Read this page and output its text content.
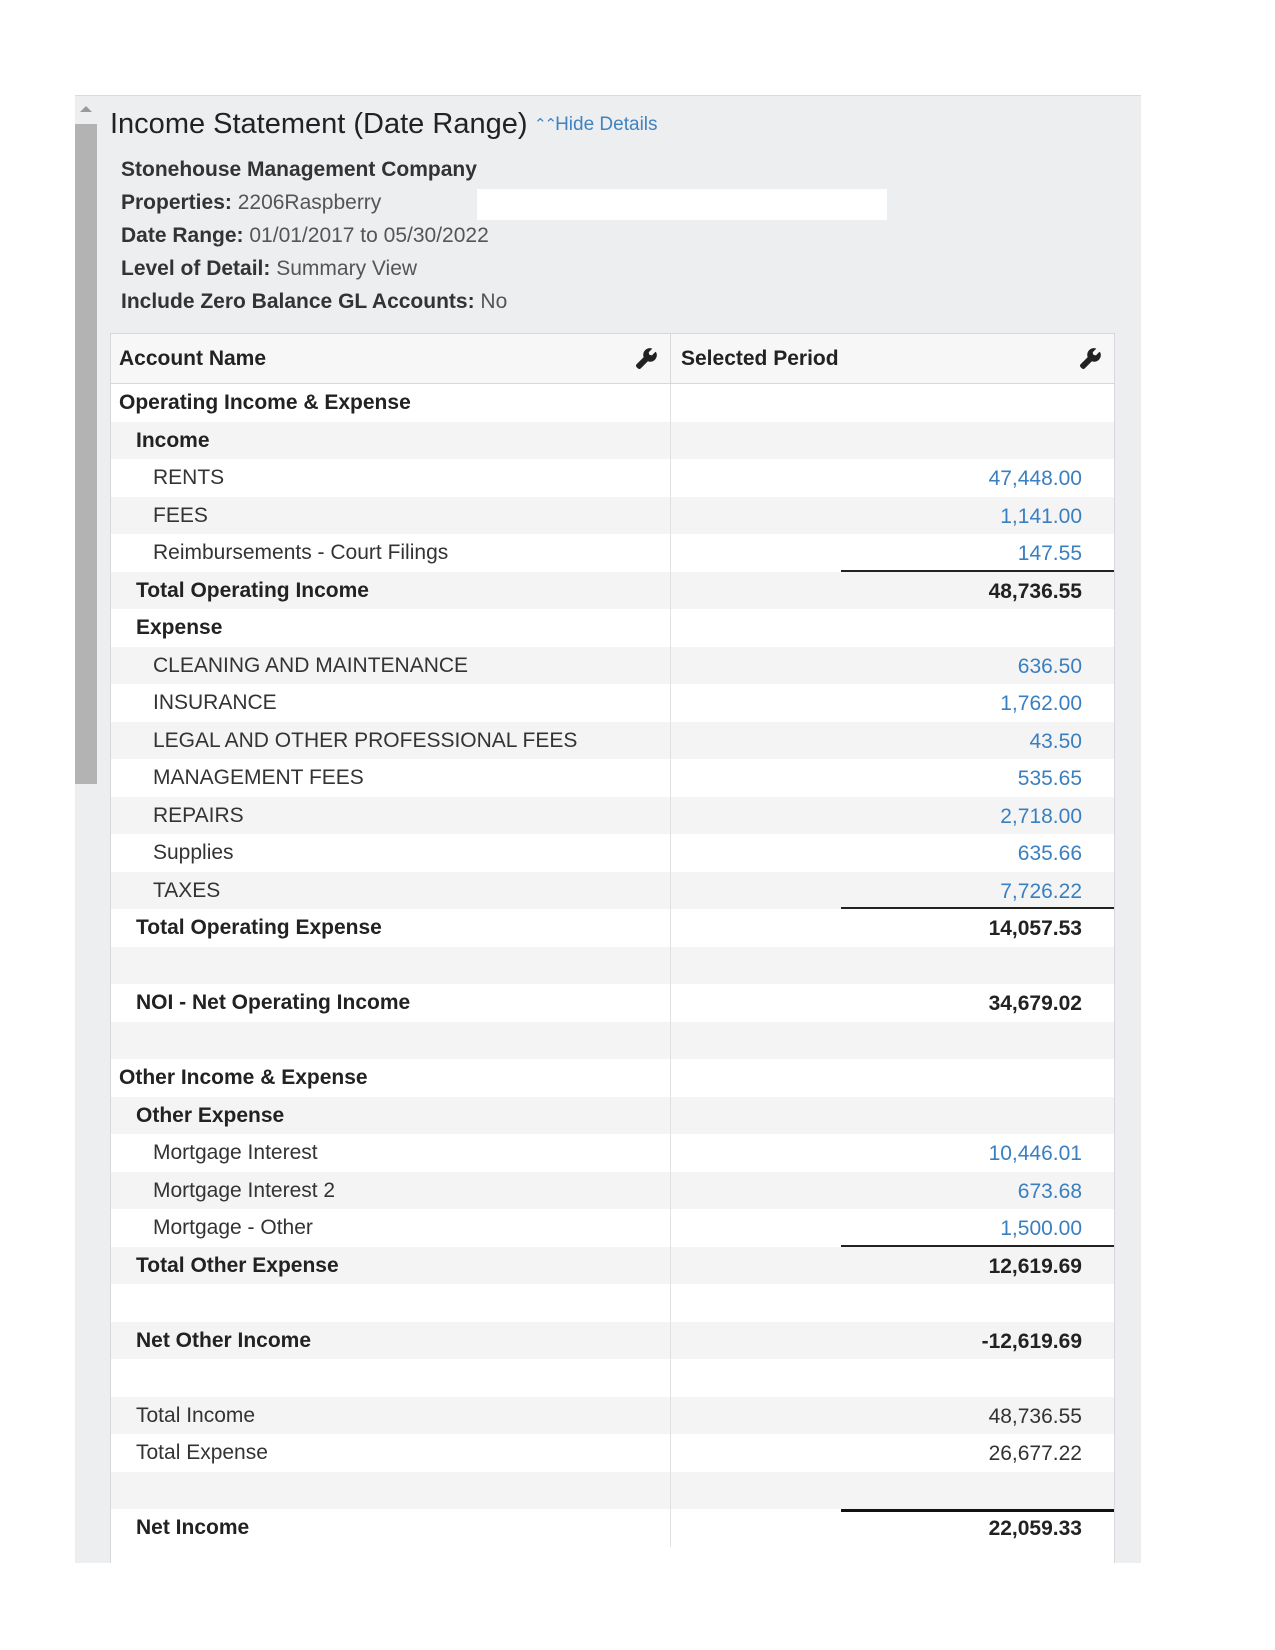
Income Statement (Date Range) ⌃⌃Hide Details
Stonehouse Management Company
Properties: 2206Raspberry
Date Range: 01/01/2017 to 05/30/2022
Level of Detail: Summary View
Include Zero Balance GL Accounts: No
Account Name	Selected Period
Operating Income & Expense
Income
RENTS	47,448.00
FEES	1,141.00
Reimbursements - Court Filings	147.55
Total Operating Income	48,736.55
Expense
CLEANING AND MAINTENANCE	636.50
INSURANCE	1,762.00
LEGAL AND OTHER PROFESSIONAL FEES	43.50
MANAGEMENT FEES	535.65
REPAIRS	2,718.00
Supplies	635.66
TAXES	7,726.22
Total Operating Expense	14,057.53
NOI - Net Operating Income	34,679.02
Other Income & Expense
Other Expense
Mortgage Interest	10,446.01
Mortgage Interest 2	673.68
Mortgage - Other	1,500.00
Total Other Expense	12,619.69
Net Other Income	-12,619.69
Total Income	48,736.55
Total Expense	26,677.22
Net Income	22,059.33
